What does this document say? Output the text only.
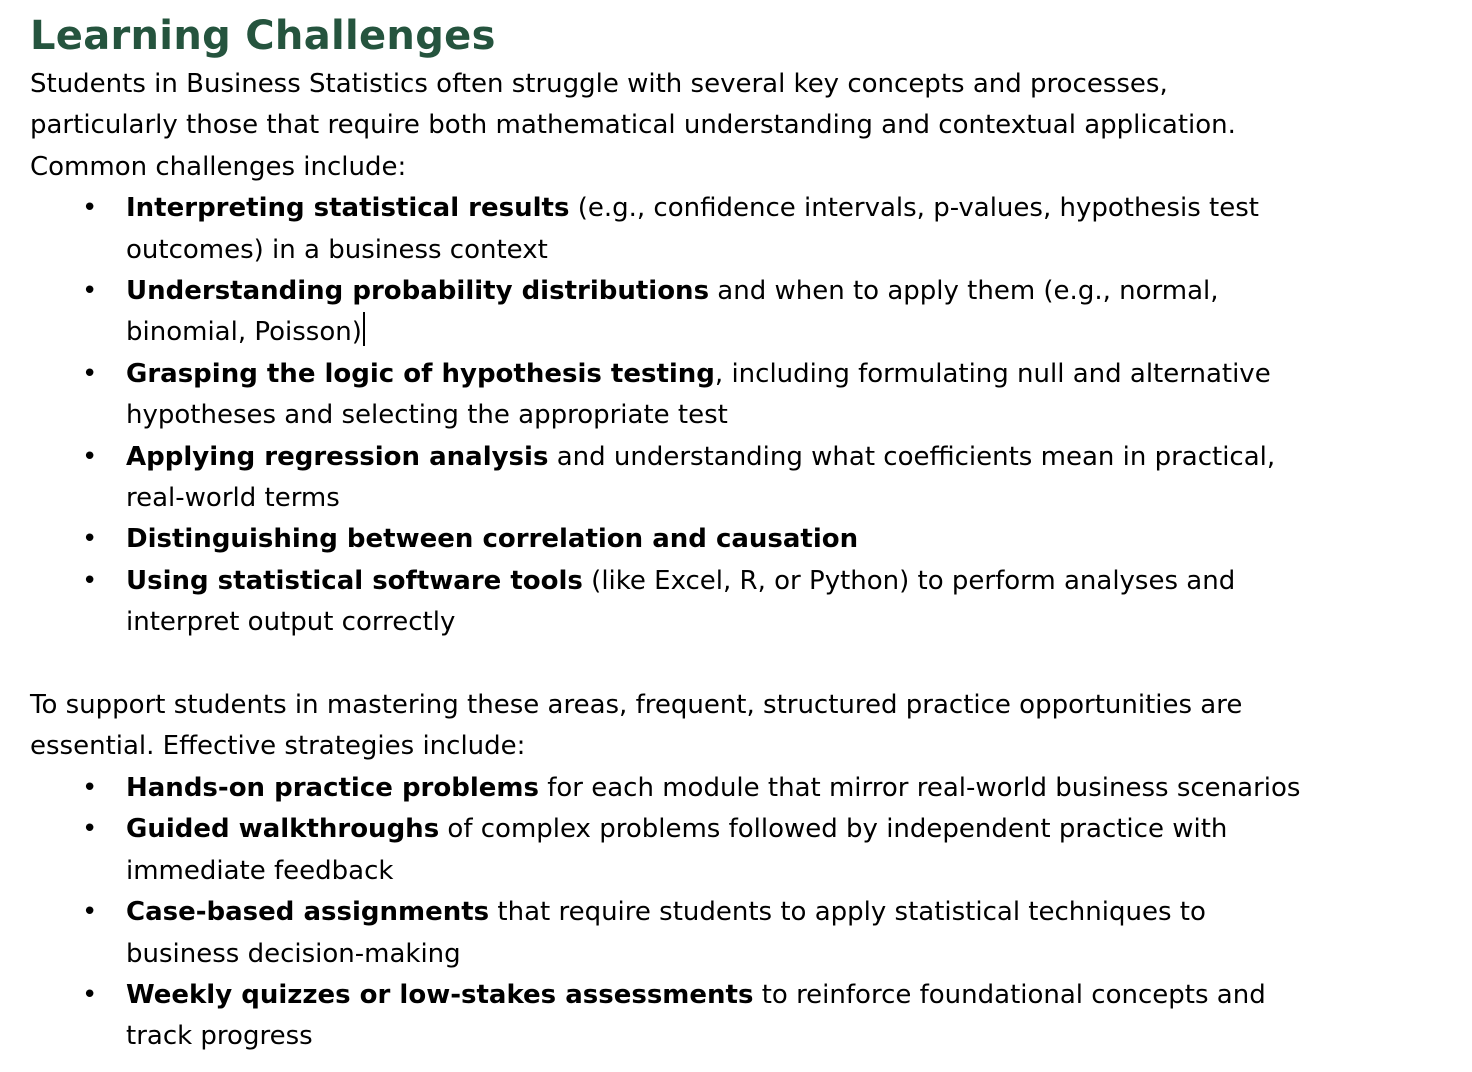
Learning Challenges

Students in Business Statistics often struggle with several key concepts and processes,
particularly those that require both mathematical understanding and contextual application.
Common challenges include:

• Interpreting statistical results (e.g., confidence intervals, p-values, hypothesis test
outcomes) in a business context
• Understanding probability distributions and when to apply them (e.g., normal,
binomial, Poisson)
• Grasping the logic of hypothesis testing, including formulating null and alternative
hypotheses and selecting the appropriate test
• Applying regression analysis and understanding what coefficients mean in practical,
real-world terms
• Distinguishing between correlation and causation
• Using statistical software tools (like Excel, R, or Python) to perform analyses and
interpret output correctly

To support students in mastering these areas, frequent, structured practice opportunities are
essential. Effective strategies include:

• Hands-on practice problems for each module that mirror real-world business scenarios
• Guided walkthroughs of complex problems followed by independent practice with
immediate feedback
• Case-based assignments that require students to apply statistical techniques to
business decision-making
• Weekly quizzes or low-stakes assessments to reinforce foundational concepts and
track progress
